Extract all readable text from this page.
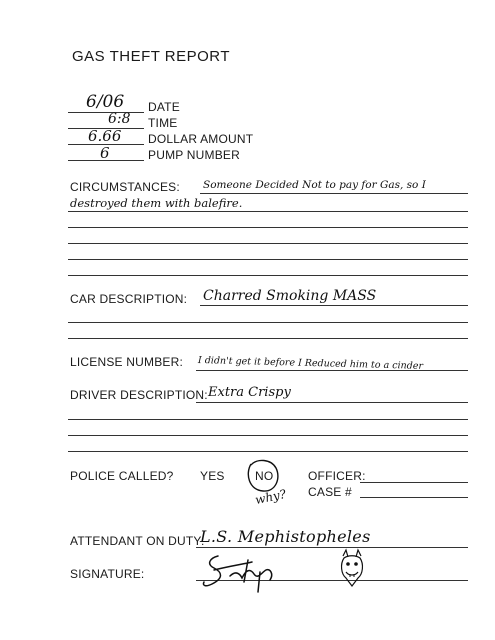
GAS THEFT REPORT
6/06 DATE
6:8 TIME
6.66 DOLLAR AMOUNT
6	PUMP NUMBER
CIRCUMSTANCES: Someone Decided Not to pay for Gas, so I
destroyed them with balefire.
CAR DESCRIPTION: Charred Smoking MASS
LICENSE NUMBER: I didn't get it before I Reduced him to a cinder
DRIVER DESCRIPTION: Extra Crispy
POLICE CALLED? YES	NO
why?
OFFICER:
CASE #
ATTENDANT ON DUTY:
L.S. Mephistopheles
SIGNATURE:
